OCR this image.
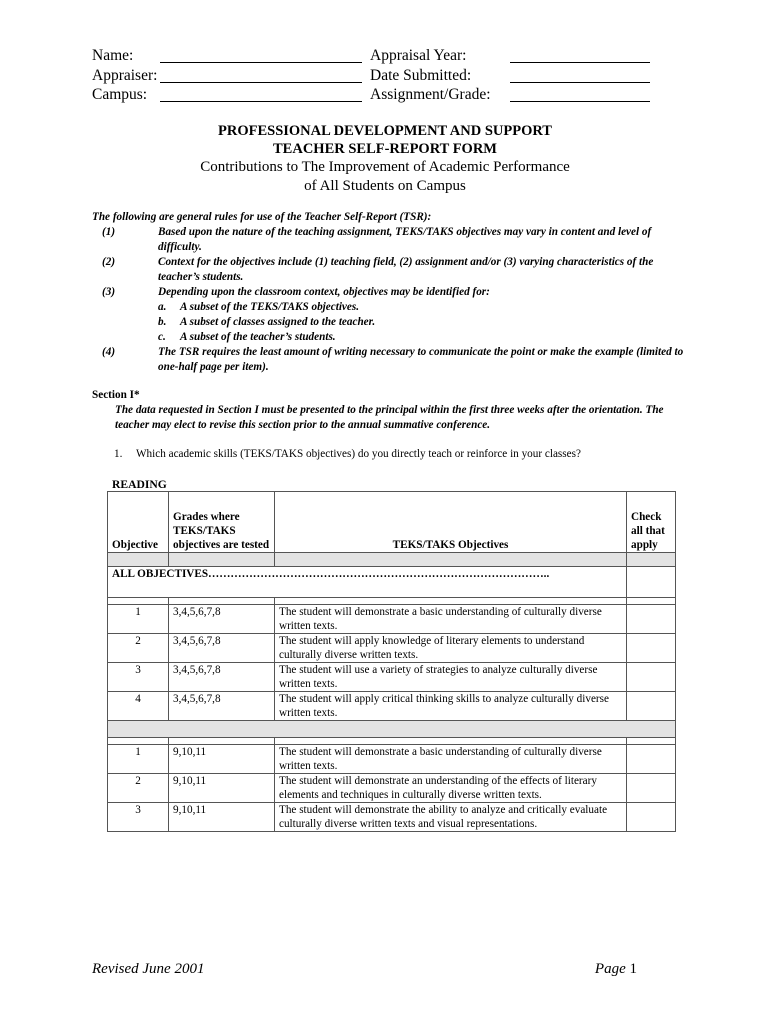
Name:	Appraisal Year:
Appraiser:	Date Submitted:
Campus:	Assignment/Grade:
PROFESSIONAL DEVELOPMENT AND SUPPORT
TEACHER SELF-REPORT FORM
Contributions to The Improvement of Academic Performance
of All Students on Campus
The following are general rules for use of the Teacher Self-Report (TSR):
(1)	Based upon the nature of the teaching assignment, TEKS/TAKS objectives may vary in content and level of difficulty.
(2)	Context for the objectives include (1) teaching field, (2) assignment and/or (3) varying characteristics of the teacher’s students.
(3)	Depending upon the classroom context, objectives may be identified for:
a.	A subset of the TEKS/TAKS objectives.
b.	A subset of classes assigned to the teacher.
c.	A subset of the teacher’s students.
(4)	The TSR requires the least amount of writing necessary to communicate the point or make the example (limited to one-half page per item).
Section I*
The data requested in Section I must be presented to the principal within the first three weeks after the orientation. The teacher may elect to revise this section prior to the annual summative conference.
1. Which academic skills (TEKS/TAKS objectives) do you directly teach or reinforce in your classes?
READING
Objective	Grades where TEKS/TAKS objectives are tested	TEKS/TAKS Objectives	Check all that apply

ALL OBJECTIVES………………………………………………………………………………..			

1	3,4,5,6,7,8	The student will demonstrate a basic understanding of culturally diverse written texts.	
2	3,4,5,6,7,8	The student will apply knowledge of literary elements to understand culturally diverse written texts.	
3	3,4,5,6,7,8	The student will use a variety of strategies to analyze culturally diverse written texts.	
4	3,4,5,6,7,8	The student will apply critical thinking skills to analyze culturally diverse written texts.	

1	9,10,11	The student will demonstrate a basic understanding of culturally diverse written texts.	
2	9,10,11	The student will demonstrate an understanding of the effects of literary elements and techniques in culturally diverse written texts.	
3	9,10,11	The student will demonstrate the ability to analyze and critically evaluate culturally diverse written texts and visual representations.	
Revised June 2001	Page 1
